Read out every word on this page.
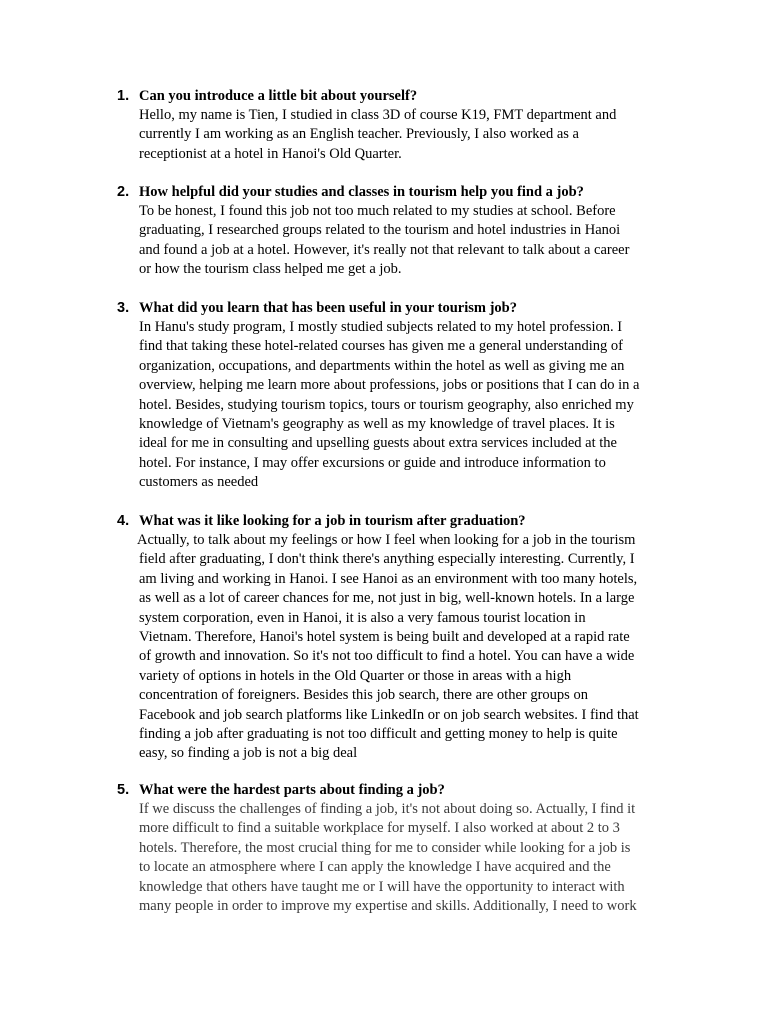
1. Can you introduce a little bit about yourself?
Hello, my name is Tien, I studied in class 3D of course K19, FMT department and
currently I am working as an English teacher. Previously, I also worked as a
receptionist at a hotel in Hanoi's Old Quarter.
2. How helpful did your studies and classes in tourism help you find a job?
To be honest, I found this job not too much related to my studies at school. Before
graduating, I researched groups related to the tourism and hotel industries in Hanoi
and found a job at a hotel. However, it's really not that relevant to talk about a career
or how the tourism class helped me get a job.
3. What did you learn that has been useful in your tourism job?
In Hanu's study program, I mostly studied subjects related to my hotel profession. I
find that taking these hotel-related courses has given me a general understanding of
organization, occupations, and departments within the hotel as well as giving me an
overview, helping me learn more about professions, jobs or positions that I can do in a
hotel. Besides, studying tourism topics, tours or tourism geography, also enriched my
knowledge of Vietnam's geography as well as my knowledge of travel places. It is
ideal for me in consulting and upselling guests about extra services included at the
hotel. For instance, I may offer excursions or guide and introduce information to
customers as needed
4. What was it like looking for a job in tourism after graduation?
Actually, to talk about my feelings or how I feel when looking for a job in the tourism
field after graduating, I don't think there's anything especially interesting. Currently, I
am living and working in Hanoi. I see Hanoi as an environment with too many hotels,
as well as a lot of career chances for me, not just in big, well-known hotels. In a large
system corporation, even in Hanoi, it is also a very famous tourist location in
Vietnam. Therefore, Hanoi's hotel system is being built and developed at a rapid rate
of growth and innovation. So it's not too difficult to find a hotel. You can have a wide
variety of options in hotels in the Old Quarter or those in areas with a high
concentration of foreigners. Besides this job search, there are other groups on
Facebook and job search platforms like LinkedIn or on job search websites. I find that
finding a job after graduating is not too difficult and getting money to help is quite
easy, so finding a job is not a big deal
5. What were the hardest parts about finding a job?
If we discuss the challenges of finding a job, it's not about doing so. Actually, I find it
more difficult to find a suitable workplace for myself. I also worked at about 2 to 3
hotels. Therefore, the most crucial thing for me to consider while looking for a job is
to locate an atmosphere where I can apply the knowledge I have acquired and the
knowledge that others have taught me or I will have the opportunity to interact with
many people in order to improve my expertise and skills. Additionally, I need to work
